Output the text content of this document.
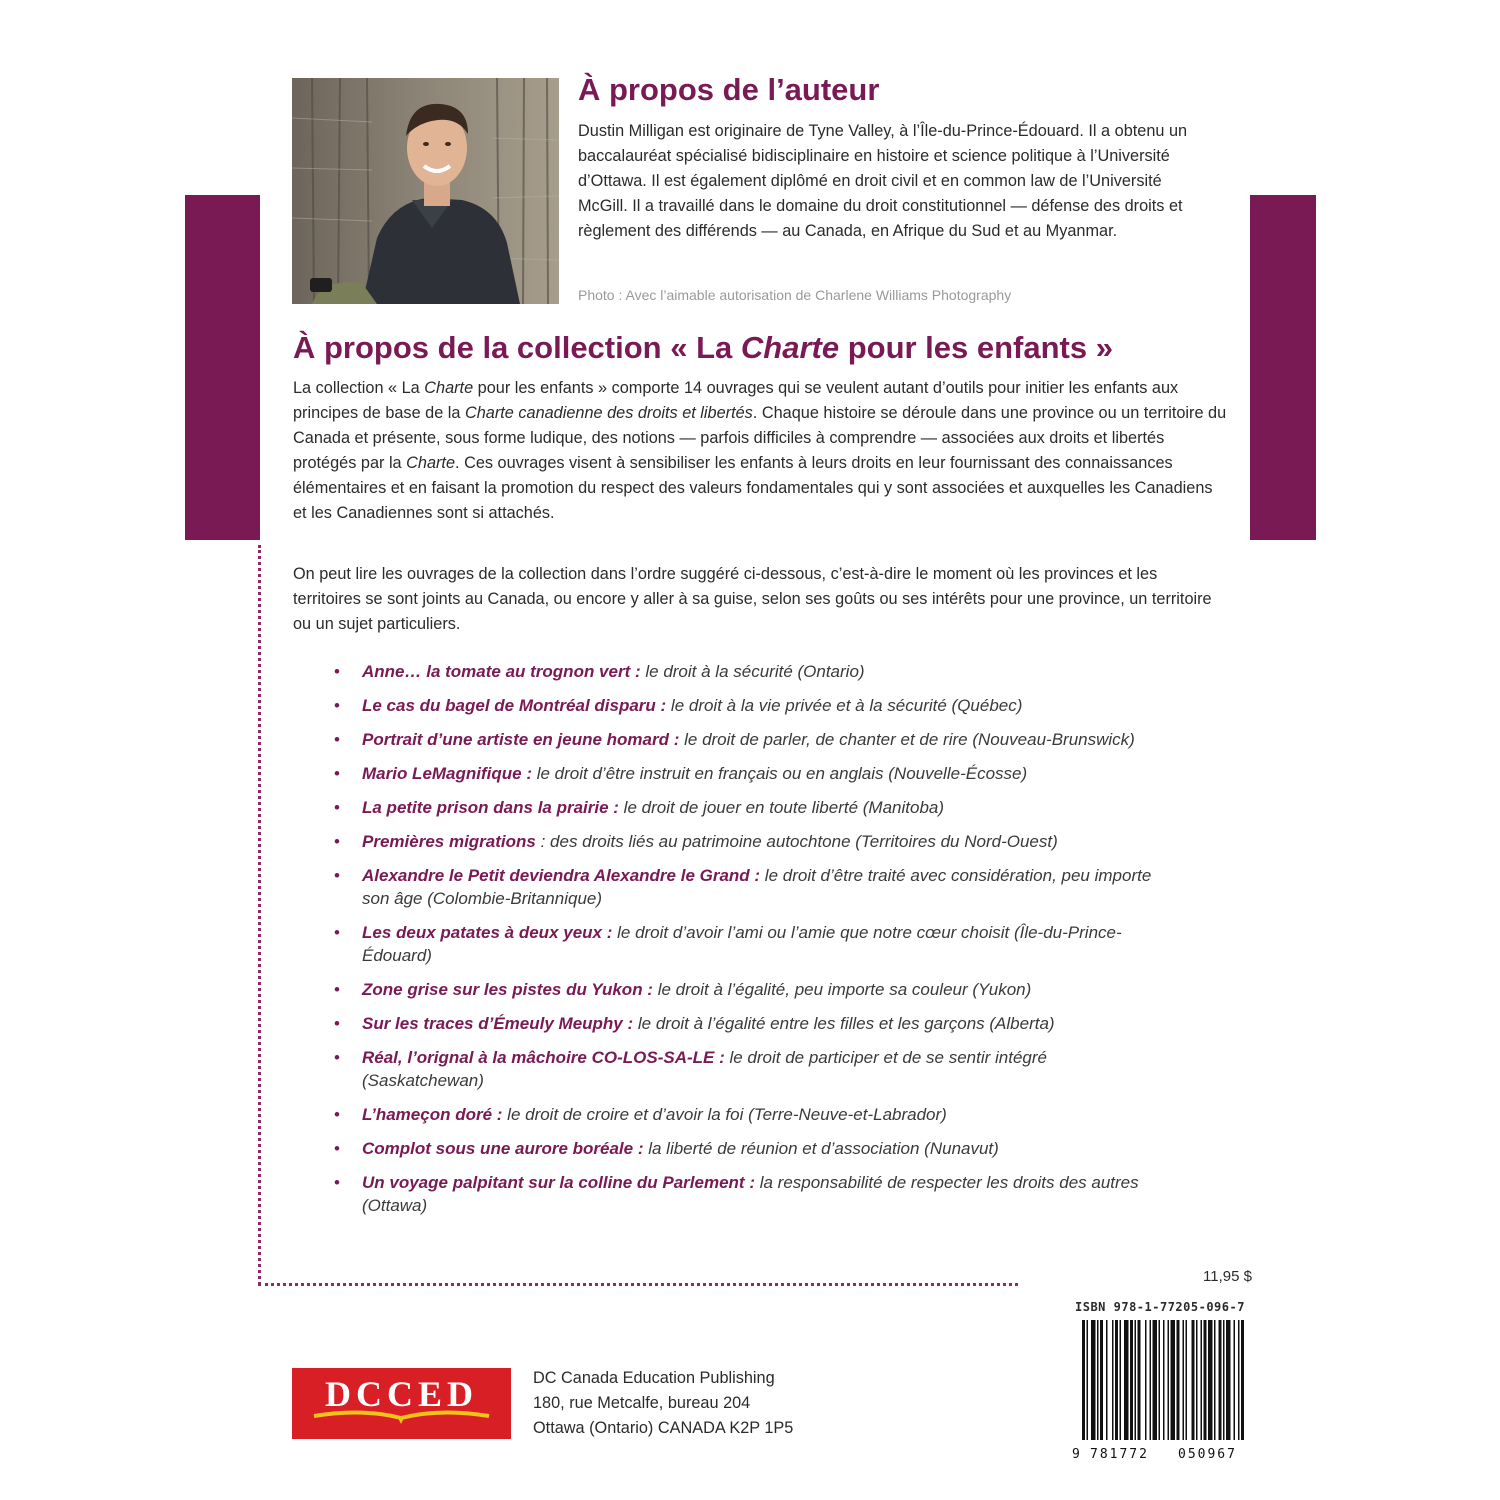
À propos de l’auteur

Dustin Milligan est originaire de Tyne Valley, à l’Île-du-Prince-Édouard. Il a obtenu un baccalauréat spécialisé bidisciplinaire en histoire et science politique à l’Université d’Ottawa. Il est également diplômé en droit civil et en common law de l’Université McGill. Il a travaillé dans le domaine du droit constitutionnel — défense des droits et règlement des différends — au Canada, en Afrique du Sud et au Myanmar.

Photo : Avec l’aimable autorisation de Charlene Williams Photography

À propos de la collection « La Charte pour les enfants »

La collection « La Charte pour les enfants » comporte 14 ouvrages qui se veulent autant d’outils pour initier les enfants aux principes de base de la Charte canadienne des droits et libertés. Chaque histoire se déroule dans une province ou un territoire du Canada et présente, sous forme ludique, des notions — parfois difficiles à comprendre — associées aux droits et libertés protégés par la Charte. Ces ouvrages visent à sensibiliser les enfants à leurs droits en leur fournissant des connaissances élémentaires et en faisant la promotion du respect des valeurs fondamentales qui y sont associées et auxquelles les Canadiens et les Canadiennes sont si attachés.

On peut lire les ouvrages de la collection dans l’ordre suggéré ci-dessous, c’est-à-dire le moment où les provinces et les territoires se sont joints au Canada, ou encore y aller à sa guise, selon ses goûts ou ses intérêts pour une province, un territoire ou un sujet particuliers.

• Anne… la tomate au trognon vert : le droit à la sécurité (Ontario)
• Le cas du bagel de Montréal disparu : le droit à la vie privée et à la sécurité (Québec)
• Portrait d’une artiste en jeune homard : le droit de parler, de chanter et de rire (Nouveau-Brunswick)
• Mario LeMagnifique : le droit d’être instruit en français ou en anglais (Nouvelle-Écosse)
• La petite prison dans la prairie : le droit de jouer en toute liberté (Manitoba)
• Premières migrations : des droits liés au patrimoine autochtone (Territoires du Nord-Ouest)
• Alexandre le Petit deviendra Alexandre le Grand : le droit d’être traité avec considération, peu importe son âge (Colombie-Britannique)
• Les deux patates à deux yeux : le droit d’avoir l’ami ou l’amie que notre cœur choisit (Île-du-Prince-Édouard)
• Zone grise sur les pistes du Yukon : le droit à l’égalité, peu importe sa couleur (Yukon)
• Sur les traces d’Émeuly Meuphy : le droit à l’égalité entre les filles et les garçons (Alberta)
• Réal, l’orignal à la mâchoire CO-LOS-SA-LE : le droit de participer et de se sentir intégré (Saskatchewan)
• L’hameçon doré : le droit de croire et d’avoir la foi (Terre-Neuve-et-Labrador)
• Complot sous une aurore boréale : la liberté de réunion et d’association (Nunavut)
• Un voyage palpitant sur la colline du Parlement : la responsabilité de respecter les droits des autres (Ottawa)
11,95 $
ISBN 978-1-77205-096-7
9 781772 050967
DCCED	DC Canada Education Publishing
180, rue Metcalfe, bureau 204
Ottawa (Ontario) CANADA K2P 1P5
